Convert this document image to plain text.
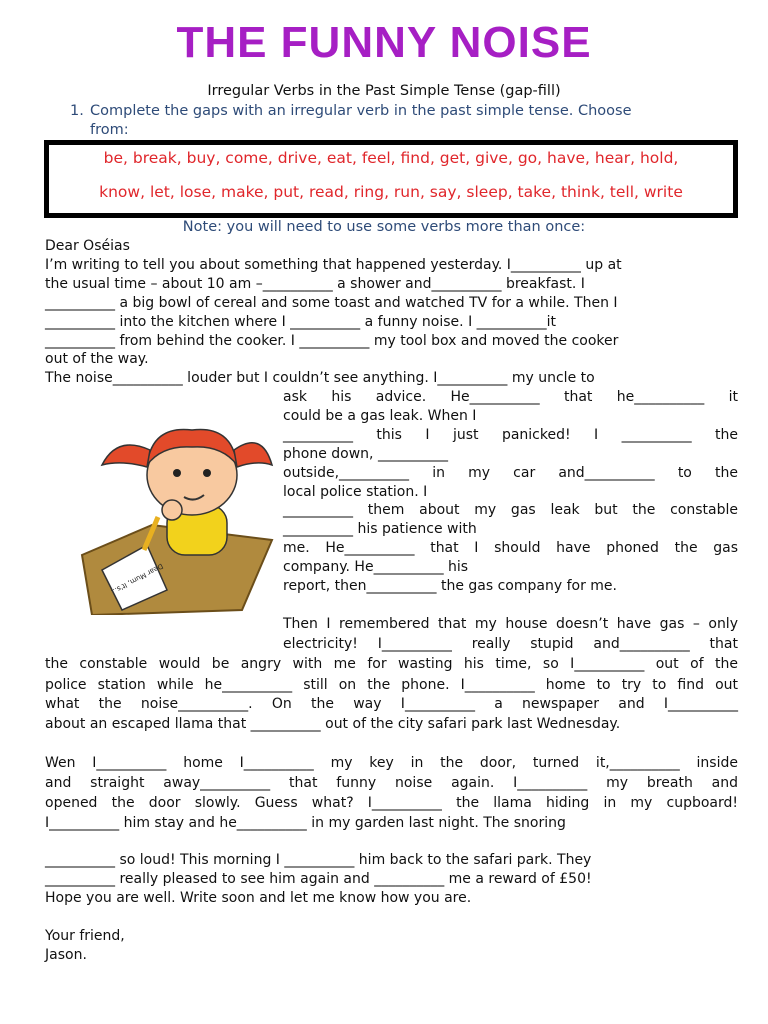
THE FUNNY NOISE
Irregular Verbs in the Past Simple Tense (gap-fill)
1. Complete the gaps with an irregular verb in the past simple tense. Choose
from:
be, break, buy, come, drive, eat, feel, find, get, give, go, have, hear, hold,
know, let, lose, make, put, read, ring, run, say, sleep, take, think, tell, write
Note: you will need to use some verbs more than once:
Dear Oséias
I’m writing to tell you about something that happened yesterday. I__________ up at
the usual time – about 10 am –__________ a shower and__________ breakfast. I
__________ a big bowl of cereal and some toast and watched TV for a while. Then I
__________ into the kitchen where I __________ a funny noise. I __________it
__________ from behind the cooker. I __________ my tool box and moved the cooker
out of the way.
The noise__________ louder but I couldn’t see anything. I__________ my uncle to
ask his advice. He__________ that he__________ it
could be a gas leak. When I
__________ this I just panicked! I __________ the
phone down, __________
outside,__________ in my car and__________ to the
local police station. I
__________ them about my gas leak but the constable
__________ his patience with
me. He__________ that I should have phoned the gas
company. He__________ his
report, then__________ the gas company for me.
Then I remembered that my house doesn’t have gas – only
electricity! I__________ really stupid and__________ that
the constable would be angry with me for wasting his time, so I__________ out of the
police station while he__________ still on the phone. I__________ home to try to find out
what the noise__________. On the way I__________ a newspaper and I__________
about an escaped llama that __________ out of the city safari park last Wednesday.
Wen I__________ home I__________ my key in the door, turned it,__________ inside
and straight away__________ that funny noise again. I__________ my breath and
opened the door slowly. Guess what? I__________ the llama hiding in my cupboard!
I__________ him stay and he__________ in my garden last night. The snoring
__________ so loud! This morning I __________ him back to the safari park. They
__________ really pleased to see him again and __________ me a reward of £50!
Hope you are well. Write soon and let me know how you are.
Your friend,
Jason.
Dear Mum, It's...
